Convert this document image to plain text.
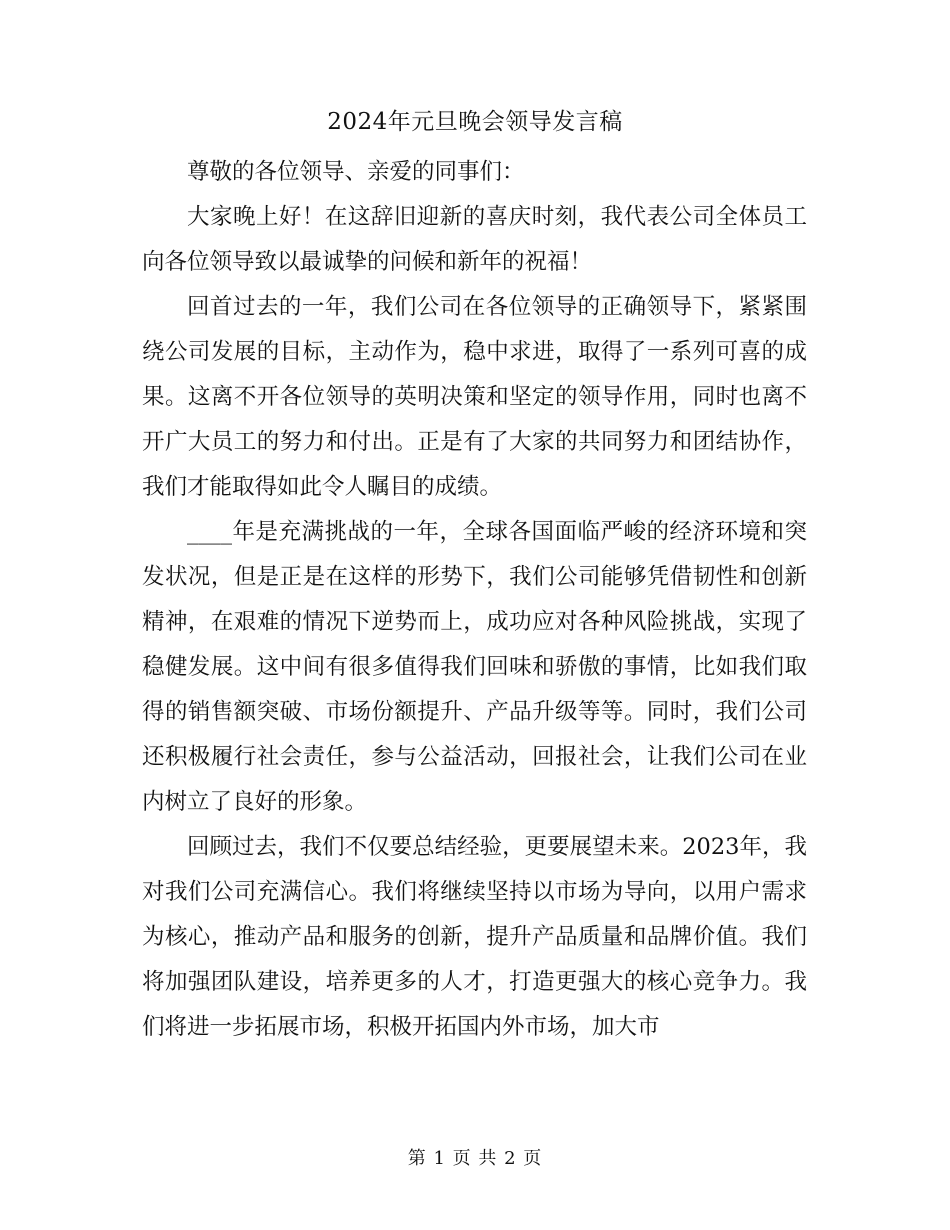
2024年元旦晚会领导发言稿

尊敬的各位领导、亲爱的同事们：

大家晚上好！在这辞旧迎新的喜庆时刻，我代表公司全体员工向各位领导致以最诚挚的问候和新年的祝福！

回首过去的一年，我们公司在各位领导的正确领导下，紧紧围绕公司发展的目标，主动作为，稳中求进，取得了一系列可喜的成果。这离不开各位领导的英明决策和坚定的领导作用，同时也离不开广大员工的努力和付出。正是有了大家的共同努力和团结协作，我们才能取得如此令人瞩目的成绩。

____年是充满挑战的一年，全球各国面临严峻的经济环境和突发状况，但是正是在这样的形势下，我们公司能够凭借韧性和创新精神，在艰难的情况下逆势而上，成功应对各种风险挑战，实现了稳健发展。这中间有很多值得我们回味和骄傲的事情，比如我们取得的销售额突破、市场份额提升、产品升级等等。同时，我们公司还积极履行社会责任，参与公益活动，回报社会，让我们公司在业内树立了良好的形象。

回顾过去，我们不仅要总结经验，更要展望未来。2023年，我对我们公司充满信心。我们将继续坚持以市场为导向，以用户需求为核心，推动产品和服务的创新，提升产品质量和品牌价值。我们将加强团队建设，培养更多的人才，打造更强大的核心竞争力。我们将进一步拓展市场，积极开拓国内外市场，加大市

第 1 页 共 2 页
